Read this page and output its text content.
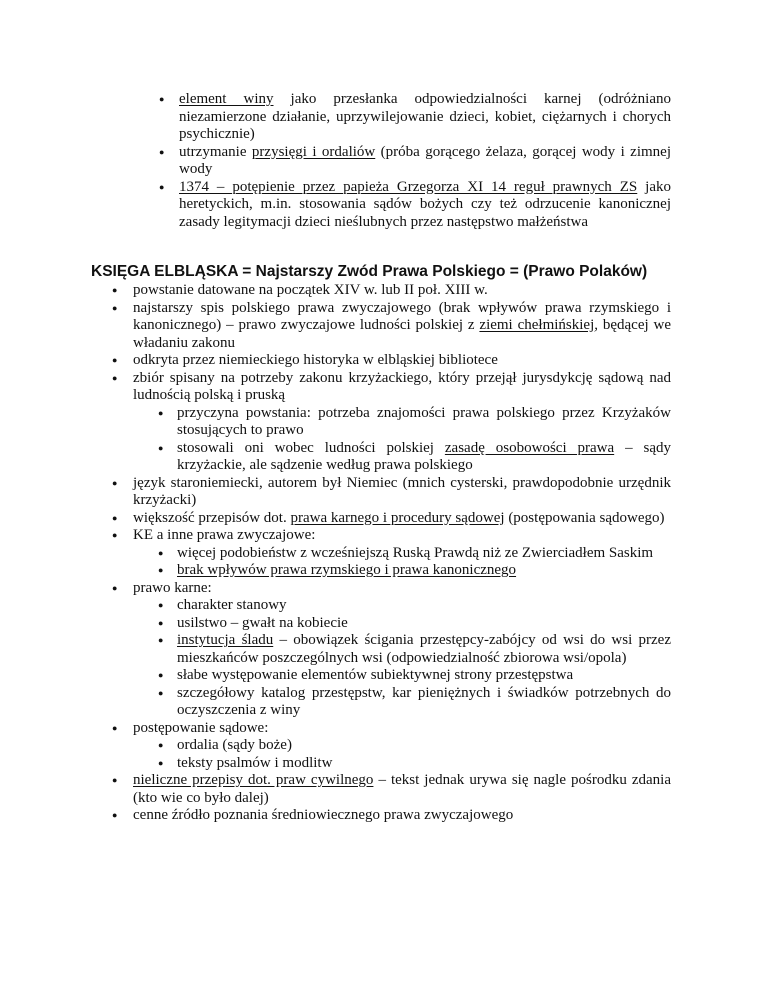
● element winy jako przesłanka odpowiedzialności karnej (odróżniano
niezamierzone działanie, uprzywilejowanie dzieci, kobiet, ciężarnych i chorych
psychicznie)
● utrzymanie przysięgi i ordaliów (próba gorącego żelaza, gorącej wody i zimnej
wody
● 1374 – potępienie przez papieża Grzegorza XI 14 reguł prawnych ZS jako
heretyckich, m.in. stosowania sądów bożych czy też odrzucenie kanonicznej
zasady legitymacji dzieci nieślubnych przez następstwo małżeństwa
KSIĘGA ELBLĄSKA = Najstarszy Zwód Prawa Polskiego = (Prawo Polaków)
● powstanie datowane na początek XIV w. lub II poł. XIII w.
● najstarszy spis polskiego prawa zwyczajowego (brak wpływów prawa rzymskiego i
kanonicznego) – prawo zwyczajowe ludności polskiej z ziemi chełmińskiej, będącej we
władaniu zakonu
● odkryta przez niemieckiego historyka w elbląskiej bibliotece
● zbiór spisany na potrzeby zakonu krzyżackiego, który przejął jurysdykcję sądową nad
ludnością polską i pruską
● przyczyna powstania: potrzeba znajomości prawa polskiego przez Krzyżaków
stosujących to prawo
● stosowali oni wobec ludności polskiej zasadę osobowości prawa – sądy
krzyżackie, ale sądzenie według prawa polskiego
● język staroniemiecki, autorem był Niemiec (mnich cysterski, prawdopodobnie urzędnik
krzyżacki)
● większość przepisów dot. prawa karnego i procedury sądowej (postępowania sądowego)
● KE a inne prawa zwyczajowe:
● więcej podobieństw z wcześniejszą Ruską Prawdą niż ze Zwierciadłem Saskim
● brak wpływów prawa rzymskiego i prawa kanonicznego
● prawo karne:
● charakter stanowy
● usilstwo – gwałt na kobiecie
● instytucja śladu – obowiązek ścigania przestępcy-zabójcy od wsi do wsi przez
mieszkańców poszczególnych wsi (odpowiedzialność zbiorowa wsi/opola)
● słabe występowanie elementów subiektywnej strony przestępstwa
● szczegółowy katalog przestępstw, kar pieniężnych i świadków potrzebnych do
oczyszczenia z winy
● postępowanie sądowe:
● ordalia (sądy boże)
● teksty psalmów i modlitw
● nieliczne przepisy dot. praw cywilnego – tekst jednak urywa się nagle pośrodku zdania
(kto wie co było dalej)
● cenne źródło poznania średniowiecznego prawa zwyczajowego
